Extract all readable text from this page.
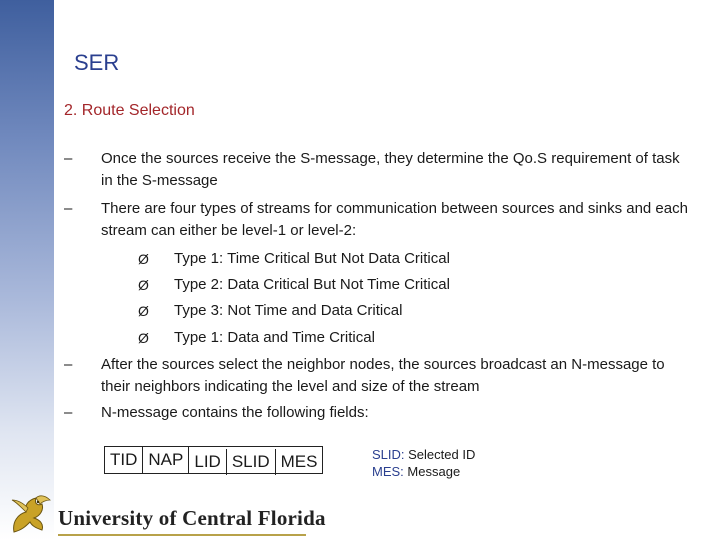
SER
2. Route Selection
– Once the sources receive the S-message, they determine the Qo.S requirement of task in the S-message
– There are four types of streams for communication between sources and sinks and each stream can either be level-1 or level-2:
Ø Type 1: Time Critical But Not Data Critical
Ø Type 2: Data Critical But Not Time Critical
Ø Type 3: Not Time and Data Critical
Ø Type 1: Data and Time Critical
– After the sources select the neighbor nodes, the sources broadcast an N-message to their neighbors indicating the level and size of the stream
– N-message contains the following fields:
TID NAP LID SLID MES	SLID: Selected ID
MES: Message
University of Central Florida
